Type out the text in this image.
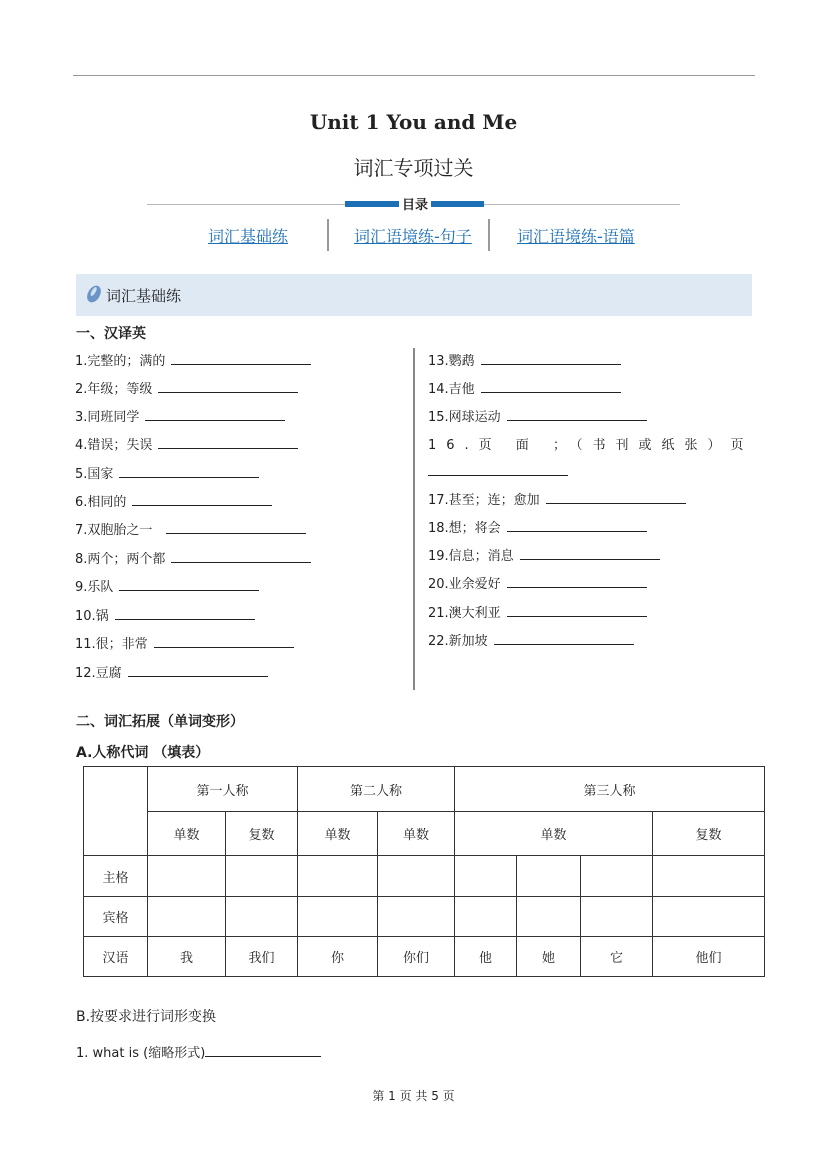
Unit 1 You and Me
词汇专项过关
目录
词汇基础练	词汇语境练-句子	词汇语境练-语篇
词汇基础练
一、汉译英
1.完整的；满的
2.年级；等级
3.同班同学
4.错误；失误
5.国家
6.相同的
7.双胞胎之一
8.两个；两个都
9.乐队
10.锅
11.很；非常
12.豆腐
13.鹦鹉
14.吉他
15.网球运动
16.页 面 ；（书刊或纸张）页
17.甚至；连；愈加
18.想；将会
19.信息；消息
20.业余爱好
21.澳大利亚
22.新加坡
二、词汇拓展（单词变形）
A.人称代词 （填表）
	第一人称		第二人称		第三人称			
	单数	复数	单数	单数	单数			复数
主格								
宾格								
汉语	我	我们	你	你们	他	她	它	他们
B.按要求进行词形变换
1. what is (缩略形式)
第 1 页 共 5 页
